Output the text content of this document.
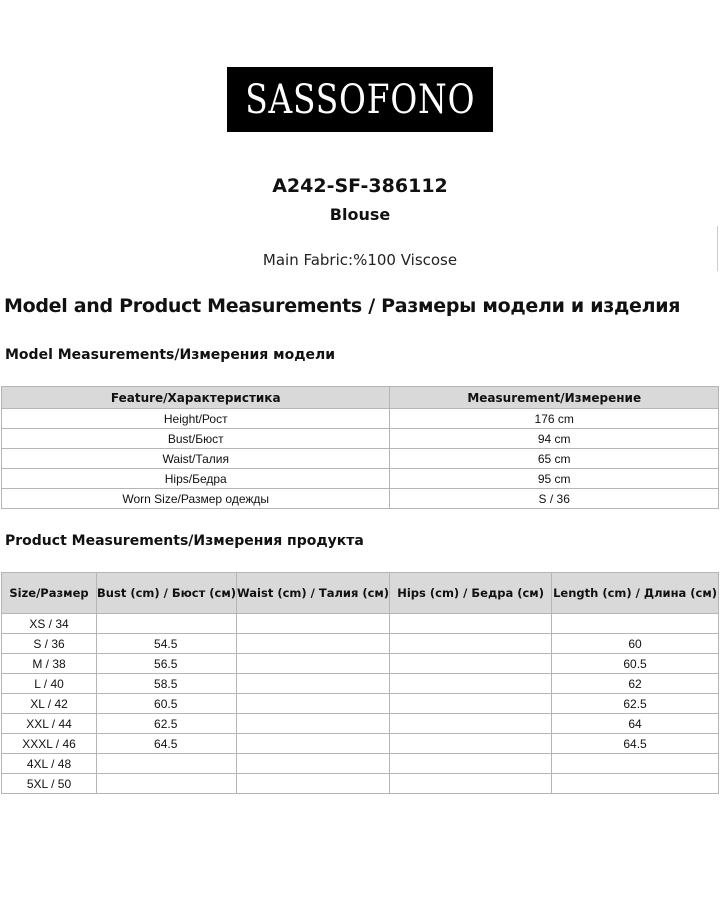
SASSOFONO
A242-SF-386112
Blouse
Main Fabric:%100 Viscose
Model and Product Measurements / Размеры модели и изделия
Model Measurements/Измерения модели
Feature/Характеристика	Measurement/Измерение
Height/Рост	176 cm
Bust/Бюст	94 cm
Waist/Талия	65 cm
Hips/Бедра	95 cm
Worn Size/Размер одежды	S / 36
Product Measurements/Измерения продукта
Size/Размер	Bust (cm) / Бюст (см)	Waist (cm) / Талия (см)	Hips (cm) / Бедра (см)	Length (cm) / Длина (см)
XS / 34				
S / 36	54.5			60
M / 38	56.5			60.5
L / 40	58.5			62
XL / 42	60.5			62.5
XXL / 44	62.5			64
XXXL / 46	64.5			64.5
4XL / 48				
5XL / 50				
